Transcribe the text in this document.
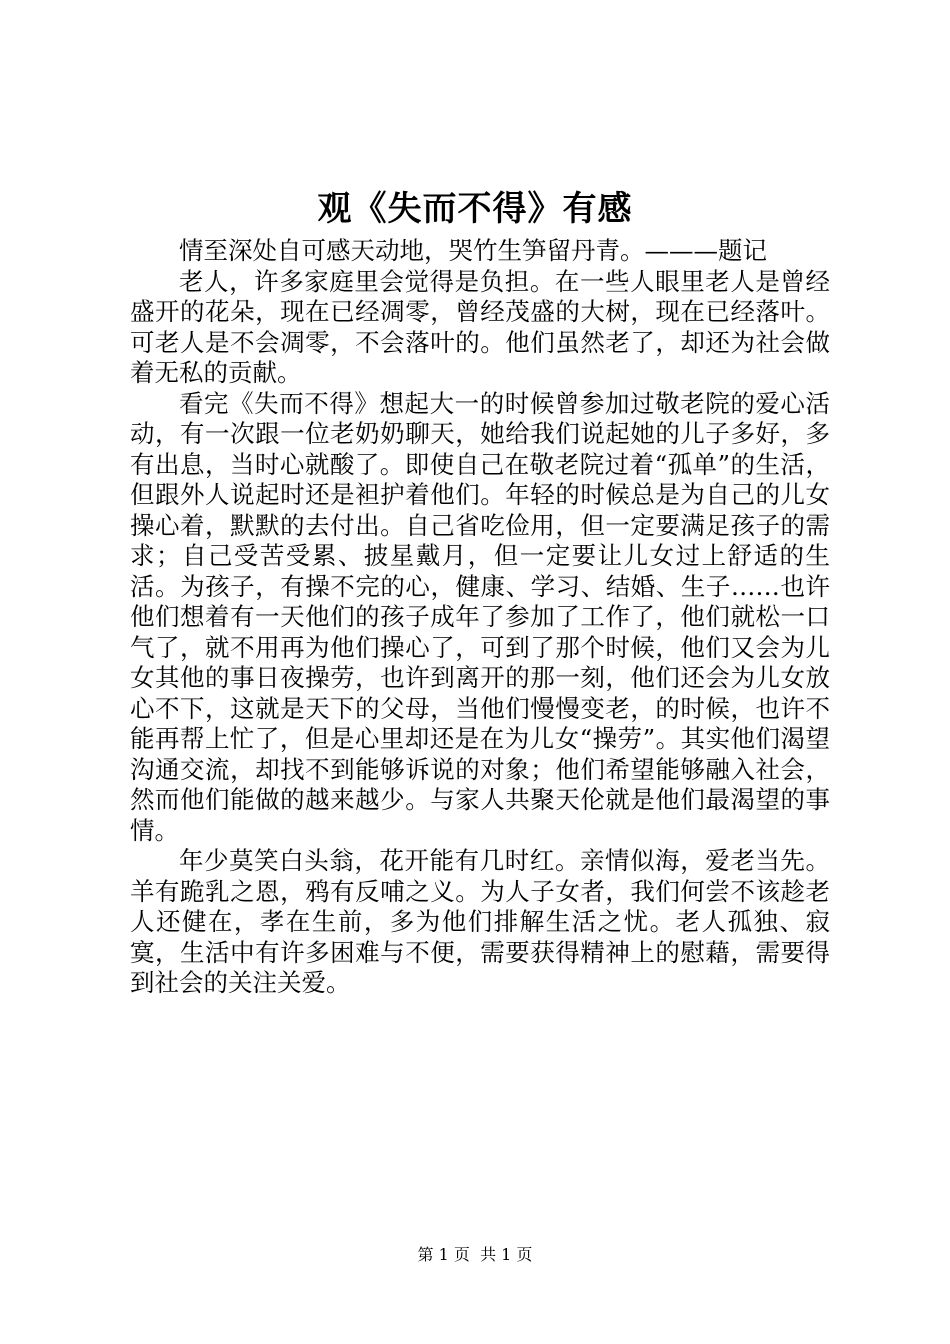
观《失而不得》有感

情至深处自可感天动地，哭竹生笋留丹青。———题记

老人，许多家庭里会觉得是负担。在一些人眼里老人是曾经盛开的花朵，现在已经凋零，曾经茂盛的大树，现在已经落叶。可老人是不会凋零，不会落叶的。他们虽然老了，却还为社会做着无私的贡献。

看完《失而不得》想起大一的时候曾参加过敬老院的爱心活动，有一次跟一位老奶奶聊天，她给我们说起她的儿子多好，多有出息，当时心就酸了。即使自己在敬老院过着“孤单”的生活，但跟外人说起时还是袒护着他们。年轻的时候总是为自己的儿女操心着，默默的去付出。自己省吃俭用，但一定要满足孩子的需求；自己受苦受累、披星戴月，但一定要让儿女过上舒适的生活。为孩子，有操不完的心，健康、学习、结婚、生子……也许他们想着有一天他们的孩子成年了参加了工作了，他们就松一口气了，就不用再为他们操心了，可到了那个时候，他们又会为儿女其他的事日夜操劳，也许到离开的那一刻，他们还会为儿女放心不下，这就是天下的父母，当他们慢慢变老，的时候，也许不能再帮上忙了，但是心里却还是在为儿女“操劳”。其实他们渴望沟通交流，却找不到能够诉说的对象；他们希望能够融入社会，然而他们能做的越来越少。与家人共聚天伦就是他们最渴望的事情。

年少莫笑白头翁，花开能有几时红。亲情似海，爱老当先。羊有跪乳之恩，鸦有反哺之义。为人子女者，我们何尝不该趁老人还健在，孝在生前，多为他们排解生活之忧。老人孤独、寂寞，生活中有许多困难与不便，需要获得精神上的慰藉，需要得到社会的关注关爱。

第 1 页 共 1 页
